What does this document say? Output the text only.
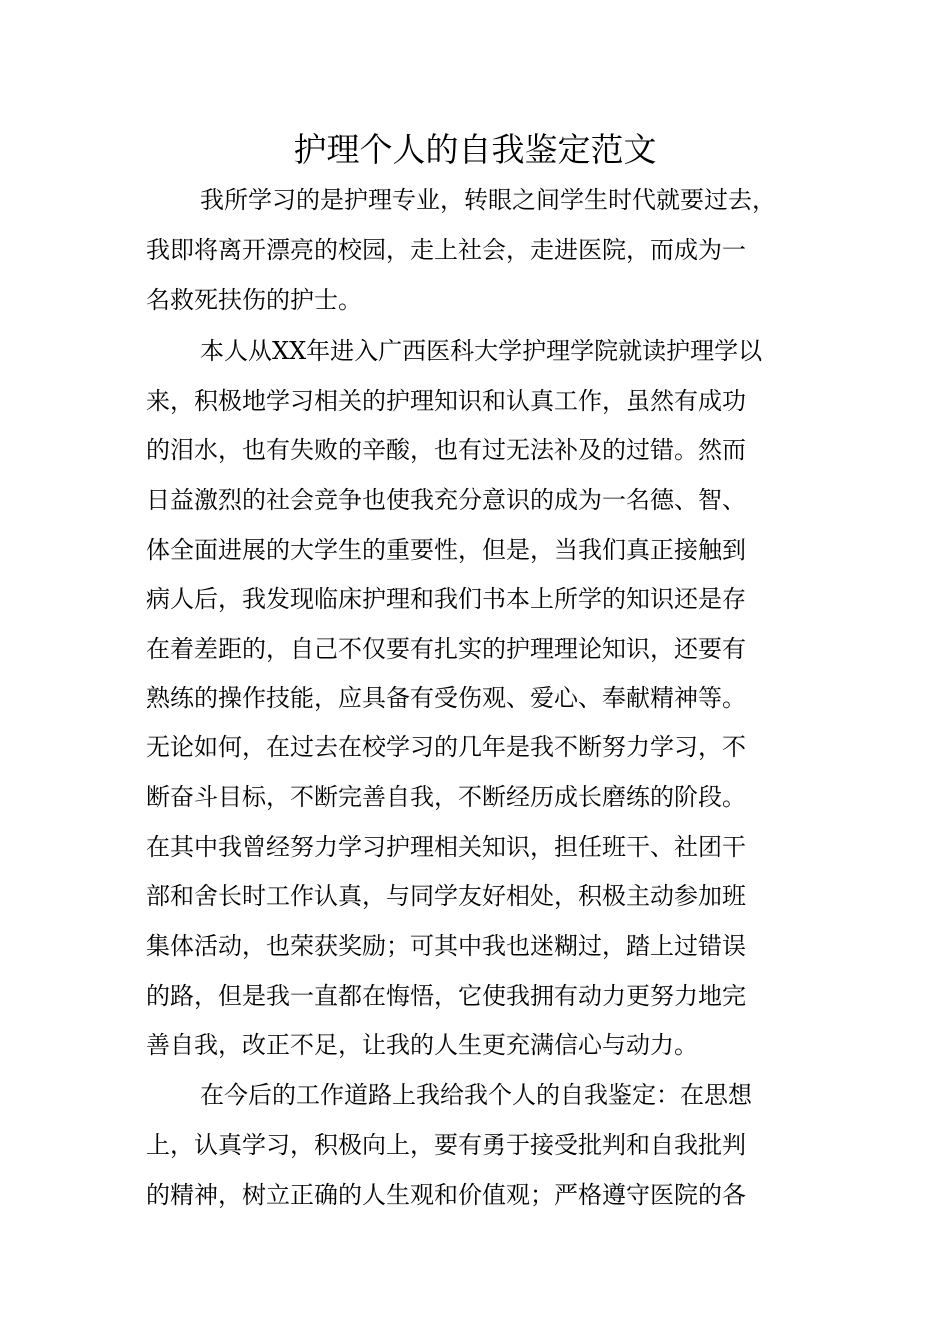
护理个人的自我鉴定范文

我所学习的是护理专业，转眼之间学生时代就要过去，

我即将离开漂亮的校园，走上社会，走进医院，而成为一

名救死扶伤的护士。

本人从XX年进入广西医科大学护理学院就读护理学以

来，积极地学习相关的护理知识和认真工作，虽然有成功

的泪水，也有失败的辛酸，也有过无法补及的过错。然而

日益激烈的社会竞争也使我充分意识的成为一名德、智、

体全面进展的大学生的重要性，但是，当我们真正接触到

病人后，我发现临床护理和我们书本上所学的知识还是存

在着差距的，自己不仅要有扎实的护理理论知识，还要有

熟练的操作技能，应具备有受伤观、爱心、奉献精神等。

无论如何，在过去在校学习的几年是我不断努力学习，不

断奋斗目标，不断完善自我，不断经历成长磨练的阶段。

在其中我曾经努力学习护理相关知识，担任班干、社团干

部和舍长时工作认真，与同学友好相处，积极主动参加班

集体活动，也荣获奖励；可其中我也迷糊过，踏上过错误

的路，但是我一直都在悔悟，它使我拥有动力更努力地完

善自我，改正不足，让我的人生更充满信心与动力。

在今后的工作道路上我给我个人的自我鉴定：在思想

上，认真学习，积极向上，要有勇于接受批判和自我批判

的精神，树立正确的人生观和价值观；严格遵守医院的各
